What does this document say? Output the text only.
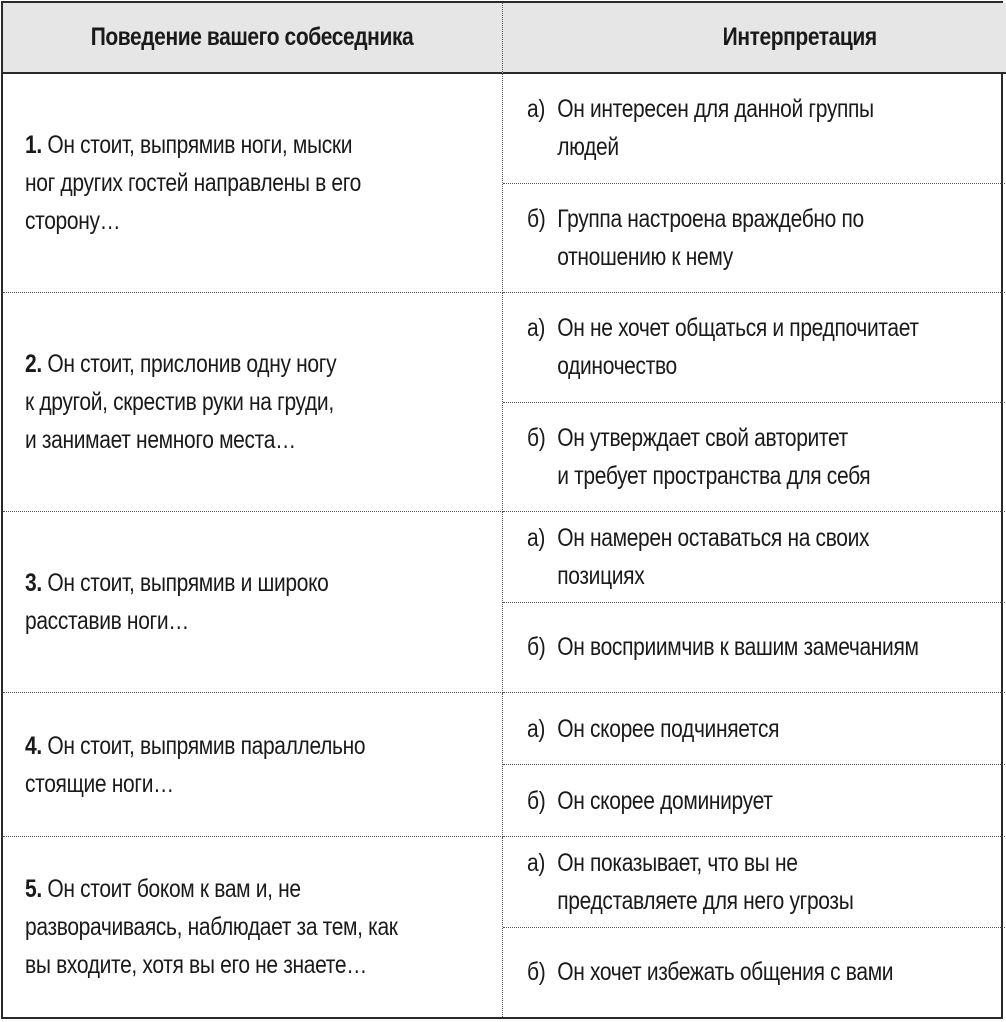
Поведение вашего собеседника	Интерпретация
1. Он стоит, выпрямив ноги, мыски
ног других гостей направлены в его
сторону…
а) Он интересен для данной группы
людей
б) Группа настроена враждебно по
отношению к нему
2. Он стоит, прислонив одну ногу
к другой, скрестив руки на груди,
и занимает немного места…
а) Он не хочет общаться и предпочитает
одиночество
б) Он утверждает свой авторитет
и требует пространства для себя
3. Он стоит, выпрямив и широко
расставив ноги…
а) Он намерен оставаться на своих
позициях
б) Он восприимчив к вашим замечаниям
4. Он стоит, выпрямив параллельно
стоящие ноги…
а) Он скорее подчиняется
б) Он скорее доминирует
5. Он стоит боком к вам и, не
разворачиваясь, наблюдает за тем, как
вы входите, хотя вы его не знаете…
а) Он показывает, что вы не
представляете для него угрозы
б) Он хочет избежать общения с вами
